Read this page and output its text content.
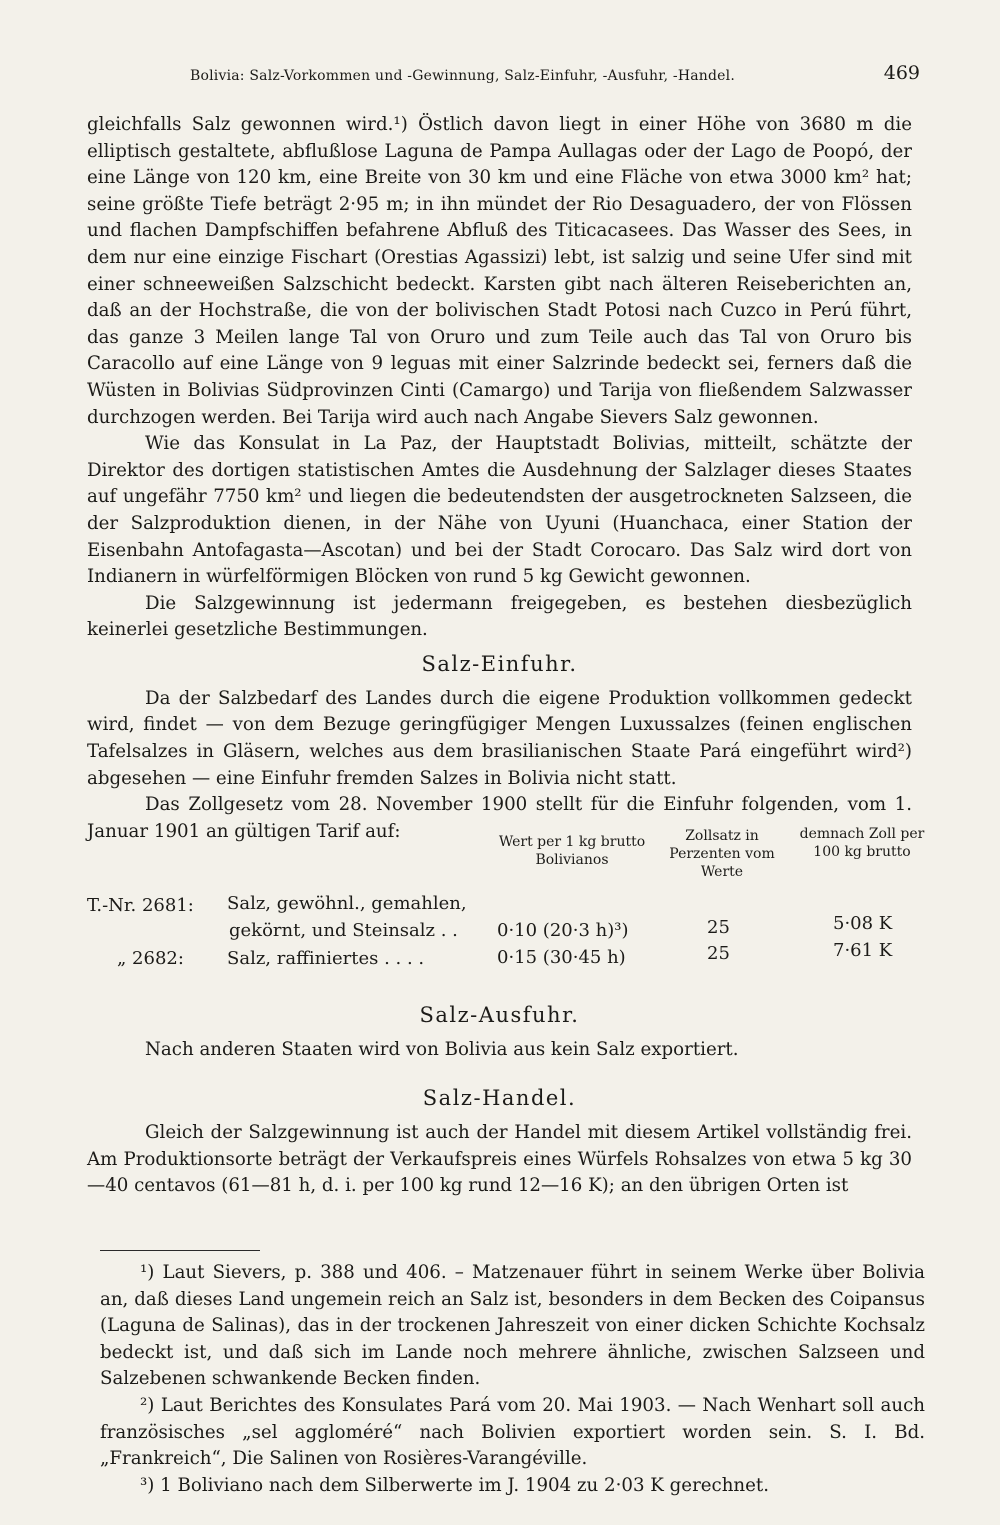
Bolivia: Salz-Vorkommen und -Gewinnung, Salz-Einfuhr, -Ausfuhr, -Handel.	469

gleichfalls Salz gewonnen wird.¹) Östlich davon liegt in einer Höhe von 3680 m die elliptisch gestaltete, abflußlose Laguna de Pampa Aullagas oder der Lago de Poopó, der eine Länge von 120 km, eine Breite von 30 km und eine Fläche von etwa 3000 km² hat; seine größte Tiefe beträgt 2·95 m; in ihn mündet der Rio Desaguadero, der von Flössen und flachen Dampfschiffen befahrene Abfluß des Titicacasees. Das Wasser des Sees, in dem nur eine einzige Fischart (Orestias Agassizi) lebt, ist salzig und seine Ufer sind mit einer schneeweißen Salzschicht bedeckt. Karsten gibt nach älteren Reiseberichten an, daß an der Hochstraße, die von der bolivischen Stadt Potosi nach Cuzco in Perú führt, das ganze 3 Meilen lange Tal von Oruro und zum Teile auch das Tal von Oruro bis Caracollo auf eine Länge von 9 leguas mit einer Salzrinde bedeckt sei, ferners daß die Wüsten in Bolivias Südprovinzen Cinti (Camargo) und Tarija von fließendem Salzwasser durchzogen werden. Bei Tarija wird auch nach Angabe Sievers Salz gewonnen.

Wie das Konsulat in La Paz, der Hauptstadt Bolivias, mitteilt, schätzte der Direktor des dortigen statistischen Amtes die Ausdehnung der Salzlager dieses Staates auf ungefähr 7750 km² und liegen die bedeutendsten der ausgetrockneten Salzseen, die der Salzproduktion dienen, in der Nähe von Uyuni (Huanchaca, einer Station der Eisenbahn Antofagasta—Ascotan) und bei der Stadt Corocaro. Das Salz wird dort von Indianern in würfelförmigen Blöcken von rund 5 kg Gewicht gewonnen.

Die Salzgewinnung ist jedermann freigegeben, es bestehen diesbezüglich keinerlei gesetzliche Bestimmungen.

Salz-Einfuhr.

Da der Salzbedarf des Landes durch die eigene Produktion vollkommen gedeckt wird, findet — von dem Bezuge geringfügiger Mengen Luxussalzes (feinen englischen Tafelsalzes in Gläsern, welches aus dem brasilianischen Staate Pará eingeführt wird²) abgesehen — eine Einfuhr fremden Salzes in Bolivia nicht statt.

Das Zollgesetz vom 28. November 1900 stellt für die Einfuhr folgenden, vom 1. Januar 1901 an gültigen Tarif auf:

Wert per 1 kg brutto Bolivianos
Zollsatz in Perzenten vom Werte
demnach Zoll per 100 kg brutto
T.-Nr. 2681: Salz, gewöhnl., gemahlen,
gekörnt, und Steinsalz . . 0·10 (20·3 h)³)	25	5·08 K
„ 2682: Salz, raffiniertes . . . .	0·15 (30·45 h)	25	7·61 K
Salz-Ausfuhr.

Nach anderen Staaten wird von Bolivia aus kein Salz exportiert.

Salz-Handel.

Gleich der Salzgewinnung ist auch der Handel mit diesem Artikel vollständig frei. Am Produktionsorte beträgt der Verkaufspreis eines Würfels Rohsalzes von etwa 5 kg 30—40 centavos (61—81 h, d. i. per 100 kg rund 12—16 K); an den übrigen Orten ist

¹) Laut Sievers, p. 388 und 406. – Matzenauer führt in seinem Werke über Bolivia an, daß dieses Land ungemein reich an Salz ist, besonders in dem Becken des Coipansus (Laguna de Salinas), das in der trockenen Jahreszeit von einer dicken Schichte Kochsalz bedeckt ist, und daß sich im Lande noch mehrere ähnliche, zwischen Salzseen und Salzebenen schwankende Becken finden.

²) Laut Berichtes des Konsulates Pará vom 20. Mai 1903. — Nach Wenhart soll auch französisches „sel aggloméré“ nach Bolivien exportiert worden sein. S. I. Bd. „Frankreich“, Die Salinen von Rosières-Varangéville.

³) 1 Boliviano nach dem Silberwerte im J. 1904 zu 2·03 K gerechnet.
